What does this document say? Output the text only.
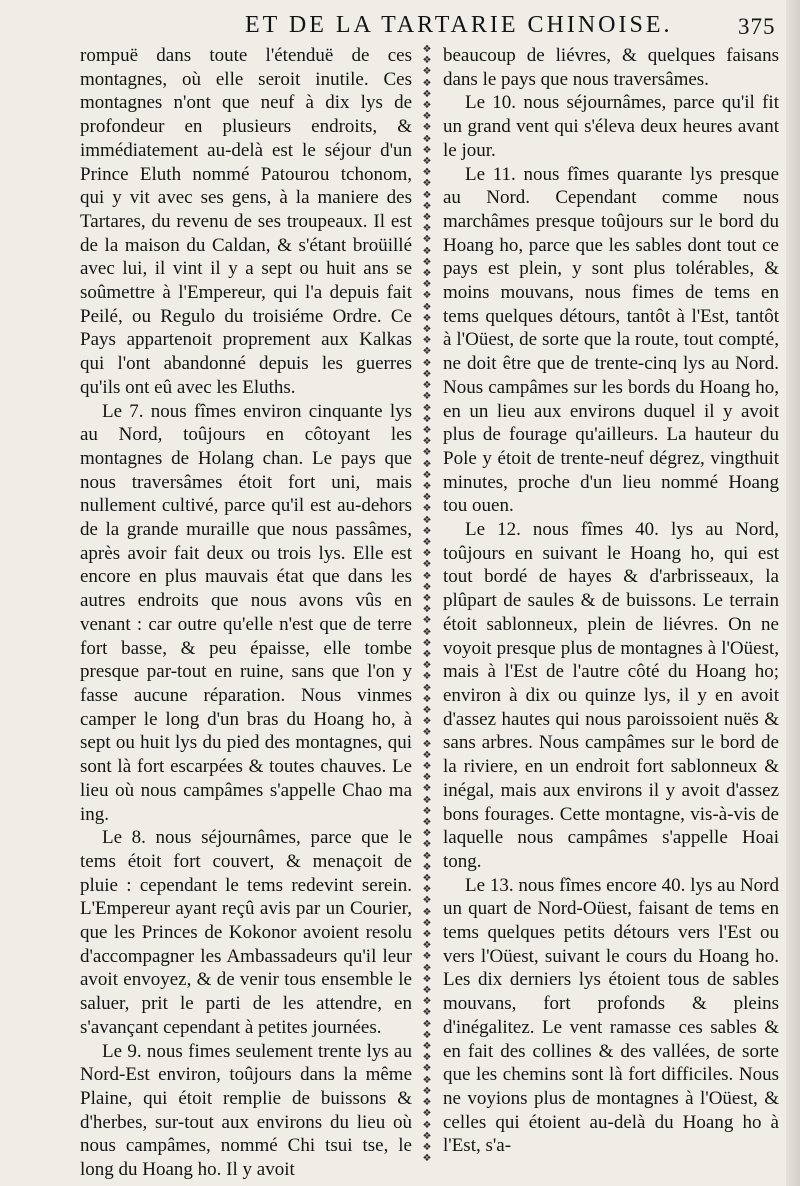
ET DE LA TARTARIE CHINOISE.	375

rompuë dans toute l'étenduë de ces montagnes, où elle seroit inutile. Ces montagnes n'ont que neuf à dix lys de profondeur en plusieurs endroits, & immédiatement au-delà est le séjour d'un Prince Eluth nommé Patourou tchonom, qui y vit avec ses gens, à la maniere des Tartares, du revenu de ses troupeaux. Il est de la maison du Caldan, & s'étant broüillé avec lui, il vint il y a sept ou huit ans se soûmettre à l'Empereur, qui l'a depuis fait Peilé, ou Regulo du troisiéme Ordre. Ce Pays appartenoit proprement aux Kalkas qui l'ont abandonné depuis les guerres qu'ils ont eû avec les Eluths.

Le 7. nous fîmes environ cinquante lys au Nord, toûjours en côtoyant les montagnes de Holang chan. Le pays que nous traversâmes étoit fort uni, mais nullement cultivé, parce qu'il est au-dehors de la grande muraille que nous passâmes, après avoir fait deux ou trois lys. Elle est encore en plus mauvais état que dans les autres endroits que nous avons vûs en venant : car outre qu'elle n'est que de terre fort basse, & peu épaisse, elle tombe presque par-tout en ruine, sans que l'on y fasse aucune réparation. Nous vinmes camper le long d'un bras du Hoang ho, à sept ou huit lys du pied des montagnes, qui sont là fort escarpées & toutes chauves. Le lieu où nous campâmes s'appelle Chao ma ing.

Le 8. nous séjournâmes, parce que le tems étoit fort couvert, & menaçoit de pluie : cependant le tems redevint serein. L'Empereur ayant reçû avis par un Courier, que les Princes de Kokonor avoient resolu d'accompagner les Ambassadeurs qu'il leur avoit envoyez, & de venir tous ensemble le saluer, prit le parti de les attendre, en s'avançant cependant à petites journées.

Le 9. nous fimes seulement trente lys au Nord-Est environ, toûjours dans la même Plaine, qui étoit remplie de buissons & d'herbes, sur-tout aux environs du lieu où nous campâmes, nommé Chi tsui tse, le long du Hoang ho. Il y avoit

❖
❖
❖
❖
❖
❖
❖
❖
❖
❖
❖
❖
❖
❖
❖
❖
❖
❖
❖
❖
❖
❖
❖
❖
❖
❖
❖
❖
❖
❖
❖
❖
❖
❖
❖
❖
❖
❖
❖
❖
❖
❖
❖
❖
❖
❖
❖
❖
❖
❖
❖
❖
❖
❖
❖
❖
❖
❖
❖
❖
❖
❖
❖
❖
❖
❖
❖
❖
❖
❖
❖
❖
❖
❖
❖
❖
❖
❖
❖
❖
❖
❖
❖
❖
❖
❖
❖
❖
❖
❖
❖
❖
❖
❖
❖
❖
❖
❖
❖
❖

beaucoup de liévres, & quelques faisans dans le pays que nous traversâmes.

Le 10. nous séjournâmes, parce qu'il fit un grand vent qui s'éleva deux heures avant le jour.

Le 11. nous fîmes quarante lys presque au Nord. Cependant comme nous marchâmes presque toûjours sur le bord du Hoang ho, parce que les sables dont tout ce pays est plein, y sont plus tolérables, & moins mouvans, nous fimes de tems en tems quelques détours, tantôt à l'Est, tantôt à l'Oüest, de sorte que la route, tout compté, ne doit être que de trente-cinq lys au Nord. Nous campâmes sur les bords du Hoang ho, en un lieu aux environs duquel il y avoit plus de fourage qu'ailleurs. La hauteur du Pole y étoit de trente-neuf dégrez, vingthuit minutes, proche d'un lieu nommé Hoang tou ouen.

Le 12. nous fîmes 40. lys au Nord, toûjours en suivant le Hoang ho, qui est tout bordé de hayes & d'arbrisseaux, la plûpart de saules & de buissons. Le terrain étoit sablonneux, plein de liévres. On ne voyoit presque plus de montagnes à l'Oüest, mais à l'Est de l'autre côté du Hoang ho; environ à dix ou quinze lys, il y en avoit d'assez hautes qui nous paroissoient nuës & sans arbres. Nous campâmes sur le bord de la riviere, en un endroit fort sablonneux & inégal, mais aux environs il y avoit d'assez bons fourages. Cette montagne, vis-à-vis de laquelle nous campâmes s'appelle Hoai tong.

Le 13. nous fîmes encore 40. lys au Nord un quart de Nord-Oüest, faisant de tems en tems quelques petits détours vers l'Est ou vers l'Oüest, suivant le cours du Hoang ho. Les dix derniers lys étoient tous de sables mouvans, fort profonds & pleins d'inégalitez. Le vent ramasse ces sables & en fait des collines & des vallées, de sorte que les chemins sont là fort difficiles. Nous ne voyions plus de montagnes à l'Oüest, & celles qui étoient au-delà du Hoang ho à l'Est, s'a-
